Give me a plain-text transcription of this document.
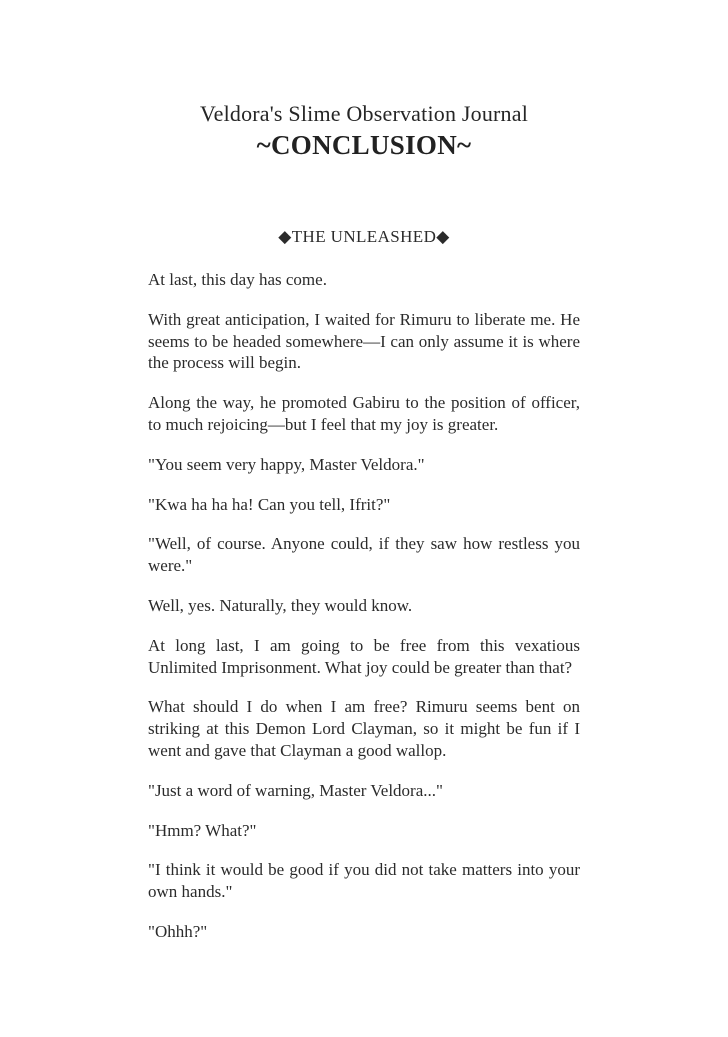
Veldora's Slime Observation Journal
~CONCLUSION~
◆THE UNLEASHED◆

At last, this day has come.

With great anticipation, I waited for Rimuru to liberate me. He seems to be headed somewhere—I can only assume it is where the process will begin.

Along the way, he promoted Gabiru to the position of officer, to much rejoicing—but I feel that my joy is greater.

"You seem very happy, Master Veldora."

"Kwa ha ha ha! Can you tell, Ifrit?"

"Well, of course. Anyone could, if they saw how restless you were."

Well, yes. Naturally, they would know.

At long last, I am going to be free from this vexatious Unlimited Imprisonment. What joy could be greater than that?

What should I do when I am free? Rimuru seems bent on striking at this Demon Lord Clayman, so it might be fun if I went and gave that Clayman a good wallop.

"Just a word of warning, Master Veldora..."

"Hmm? What?"

"I think it would be good if you did not take matters into your own hands."

"Ohhh?"
